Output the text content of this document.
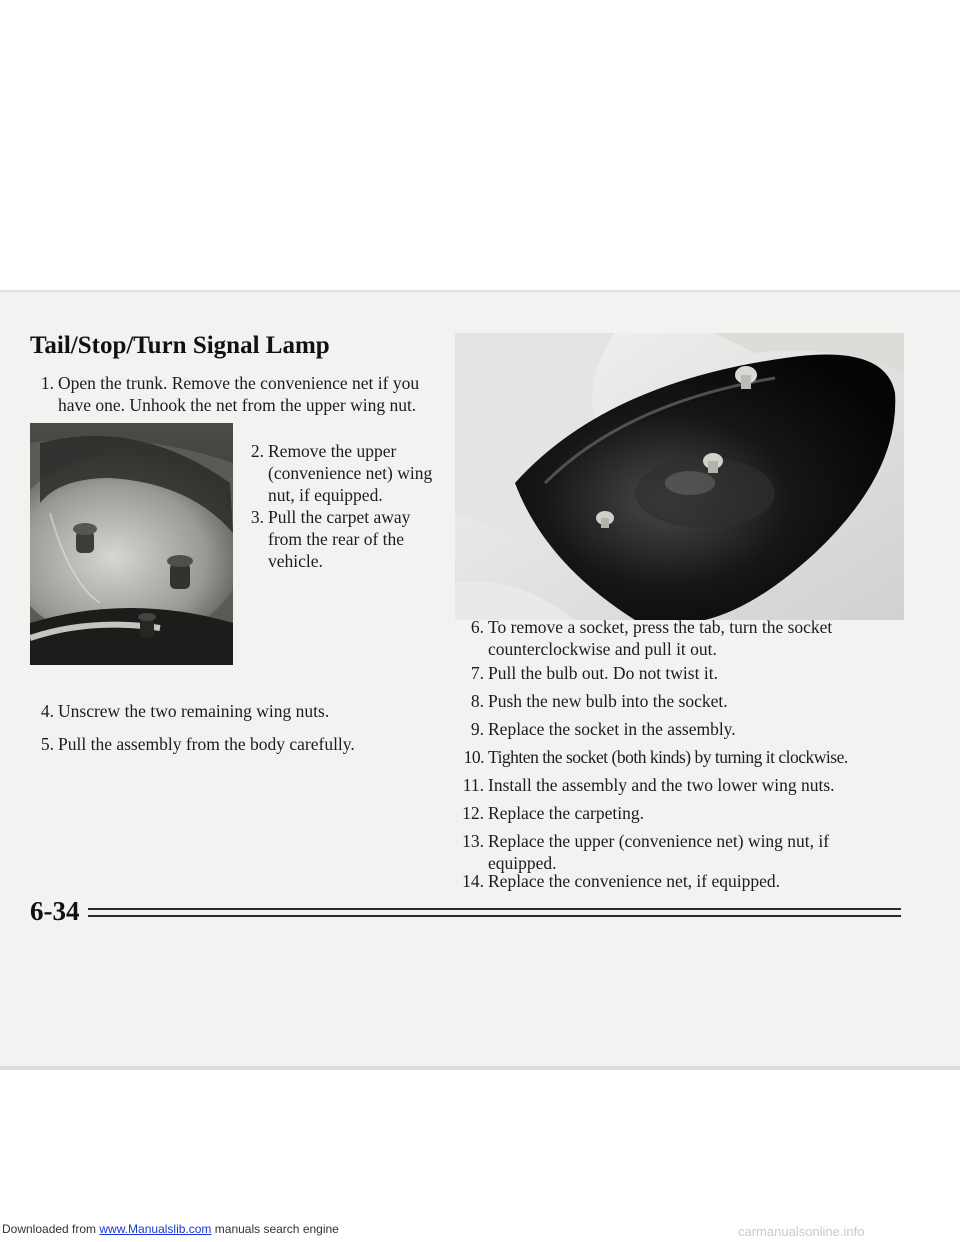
Tail/Stop/Turn Signal Lamp
1. Open the trunk. Remove the convenience net if you have one. Unhook the net from the upper wing nut.
2. Remove the upper (convenience net) wing nut, if equipped.
3. Pull the carpet away from the rear of the vehicle.
4. Unscrew the two remaining wing nuts.
5. Pull the assembly from the body carefully.
6. To remove a socket, press the tab, turn the socket counterclockwise and pull it out.
7. Pull the bulb out. Do not twist it.
8. Push the new bulb into the socket.
9. Replace the socket in the assembly.
10. Tighten the socket (both kinds) by turning it clockwise.
11. Install the assembly and the two lower wing nuts.
12. Replace the carpeting.
13. Replace the upper (convenience net) wing nut, if equipped.
14. Replace the convenience net, if equipped.
6-34
Downloaded from www.Manualslib.com manuals search engine	carmanualsonline.info
